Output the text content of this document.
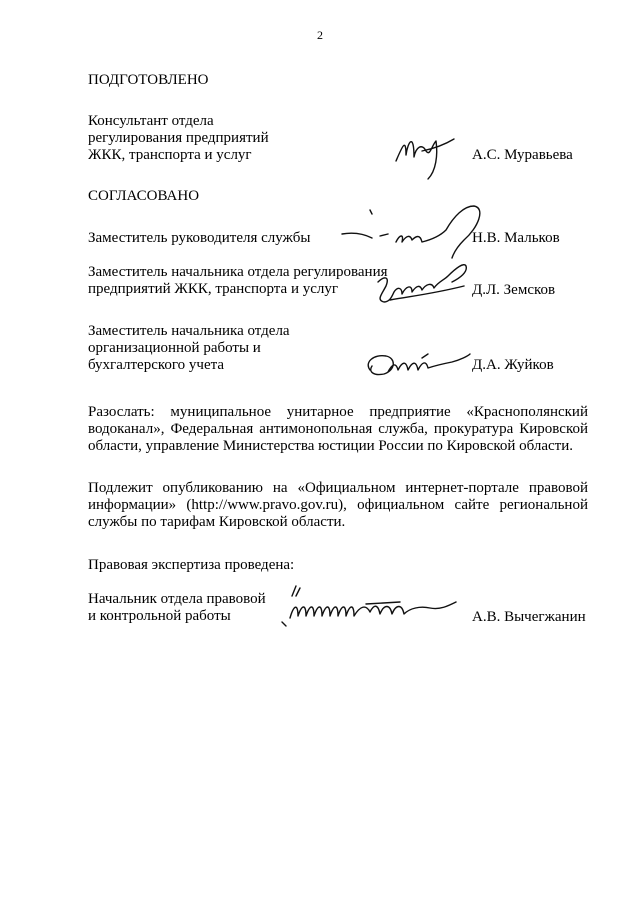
2
ПОДГОТОВЛЕНО
Консультант отдела
регулирования предприятий
ЖКК, транспорта и услуг	А.С. Муравьева
СОГЛАСОВАНО
Заместитель руководителя службы	Н.В. Мальков
Заместитель начальника отдела регулирования
предприятий ЖКК, транспорта и услуг	Д.Л. Земсков
Заместитель начальника отдела
организационной работы и
бухгалтерского учета	Д.А. Жуйков
Разослать: муниципальное унитарное предприятие «Краснополянский водоканал», Федеральная антимонопольная служба, прокуратура Кировской области, управление Министерства юстиции России по Кировской области.
Подлежит опубликованию на «Официальном интернет-портале правовой информации» (http://www.pravo.gov.ru), официальном сайте региональной службы по тарифам Кировской области.
Правовая экспертиза проведена:
Начальник отдела правовой
и контрольной работы	А.В. Вычегжанин
